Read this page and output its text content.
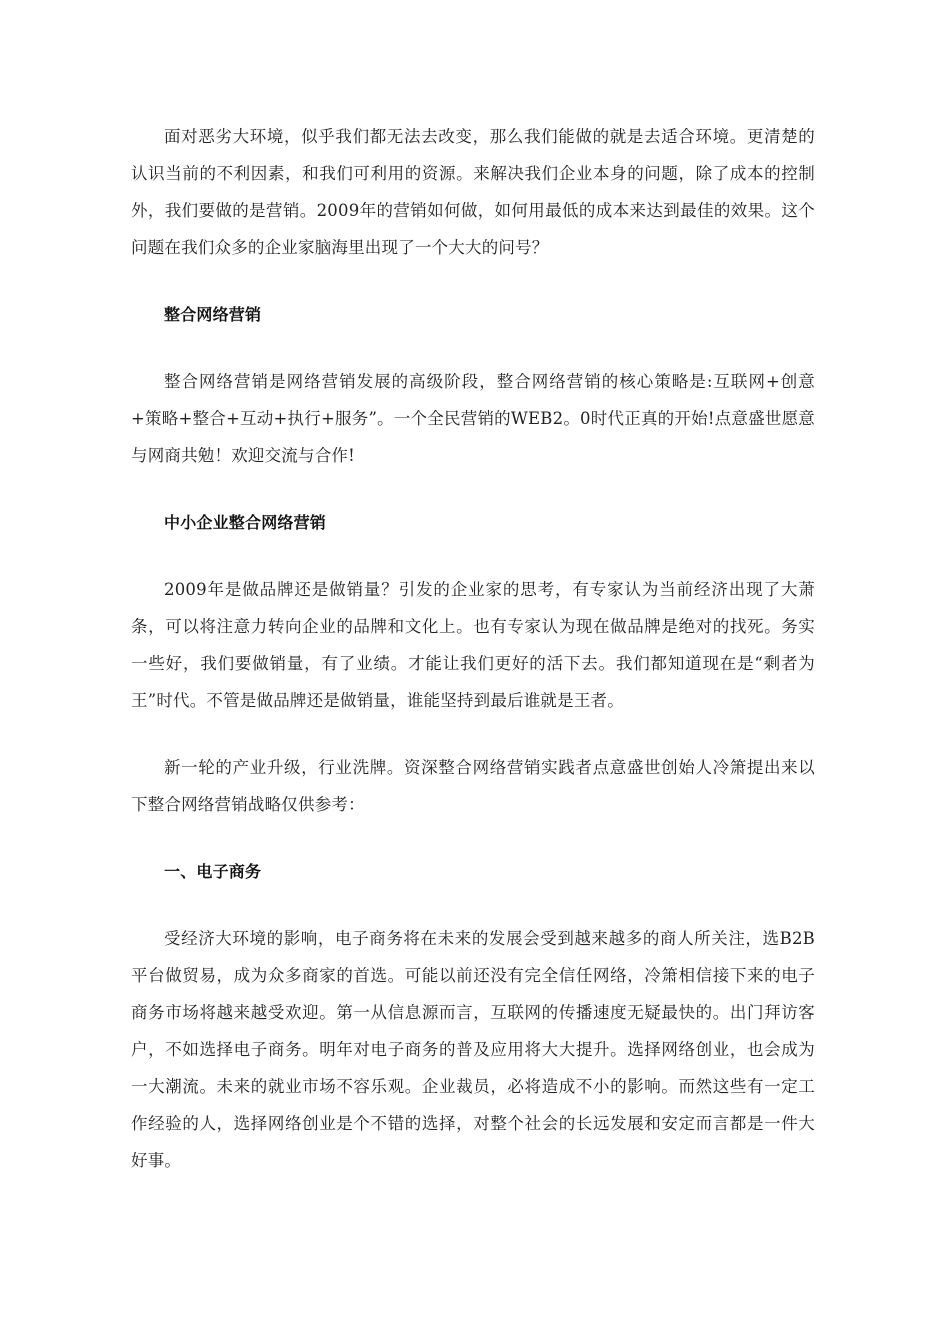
面对恶劣大环境，似乎我们都无法去改变，那么我们能做的就是去适合环境。更清楚的认识当前的不利因素，和我们可利用的资源。来解决我们企业本身的问题，除了成本的控制外，我们要做的是营销。2009年的营销如何做，如何用最低的成本来达到最佳的效果。这个问题在我们众多的企业家脑海里出现了一个大大的问号？

整合网络营销

整合网络营销是网络营销发展的高级阶段，整合网络营销的核心策略是:互联网+创意+策略+整合+互动+执行+服务”。一个全民营销的WEB2。0时代正真的开始!点意盛世愿意与网商共勉！欢迎交流与合作!

中小企业整合网络营销

2009年是做品牌还是做销量？引发的企业家的思考，有专家认为当前经济出现了大萧条，可以将注意力转向企业的品牌和文化上。也有专家认为现在做品牌是绝对的找死。务实一些好，我们要做销量，有了业绩。才能让我们更好的活下去。我们都知道现在是“剩者为王”时代。不管是做品牌还是做销量，谁能坚持到最后谁就是王者。

新一轮的产业升级，行业洗牌。资深整合网络营销实践者点意盛世创始人冷箫提出来以下整合网络营销战略仅供参考：

一、电子商务

受经济大环境的影响，电子商务将在未来的发展会受到越来越多的商人所关注，选B2B平台做贸易，成为众多商家的首选。可能以前还没有完全信任网络，冷箫相信接下来的电子商务市场将越来越受欢迎。第一从信息源而言，互联网的传播速度无疑最快的。出门拜访客户，不如选择电子商务。明年对电子商务的普及应用将大大提升。选择网络创业，也会成为一大潮流。未来的就业市场不容乐观。企业裁员，必将造成不小的影响。而然这些有一定工作经验的人，选择网络创业是个不错的选择，对整个社会的长远发展和安定而言都是一件大好事。
